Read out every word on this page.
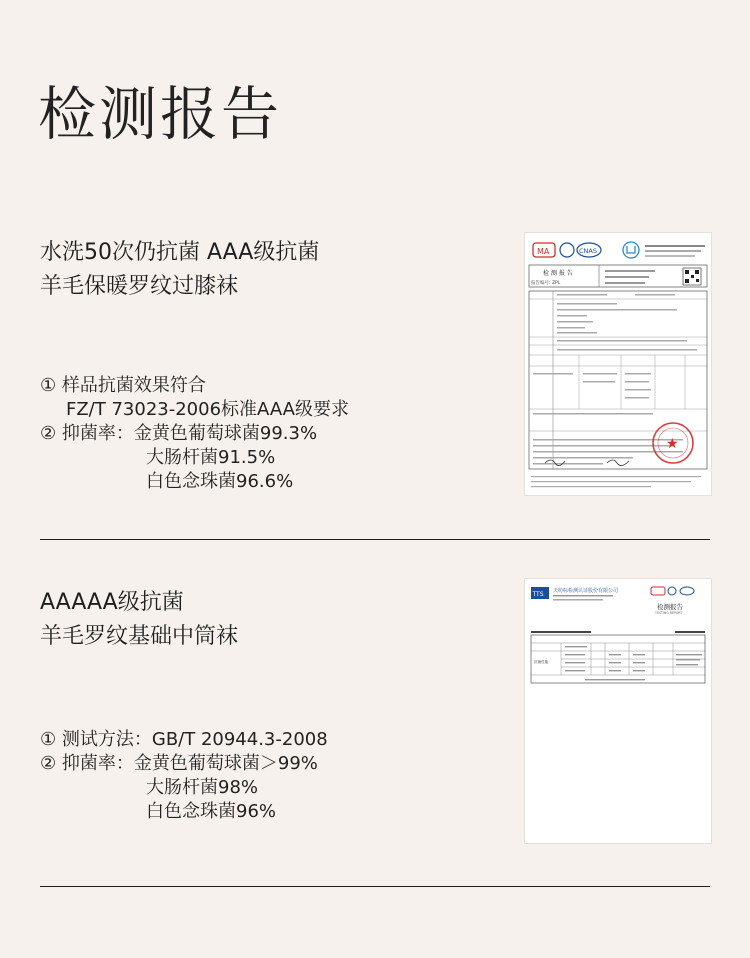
检测报告
水洗50次仍抗菌 AAA级抗菌
羊毛保暖罗纹过膝袜
① 样品抗菌效果符合
FZ/T 73023-2006标准AAA级要求
② 抑菌率：金黄色葡萄球菌99.3%
大肠杆菌91.5%
白色念珠菌96.6%
MA	CNAS
检 测 报 告
报告编号: ZPL
★
AAAAA级抗菌
羊毛罗纹基础中筒袜
① 测试方法：GB/T 20944.3-2008
② 抑菌率：金黄色葡萄球菌＞99%
大肠杆菌98%
白色念珠菌96%
TTS 天纺标检测认证股份有限公司
检测报告
TESTING REPORT
抗菌性能
